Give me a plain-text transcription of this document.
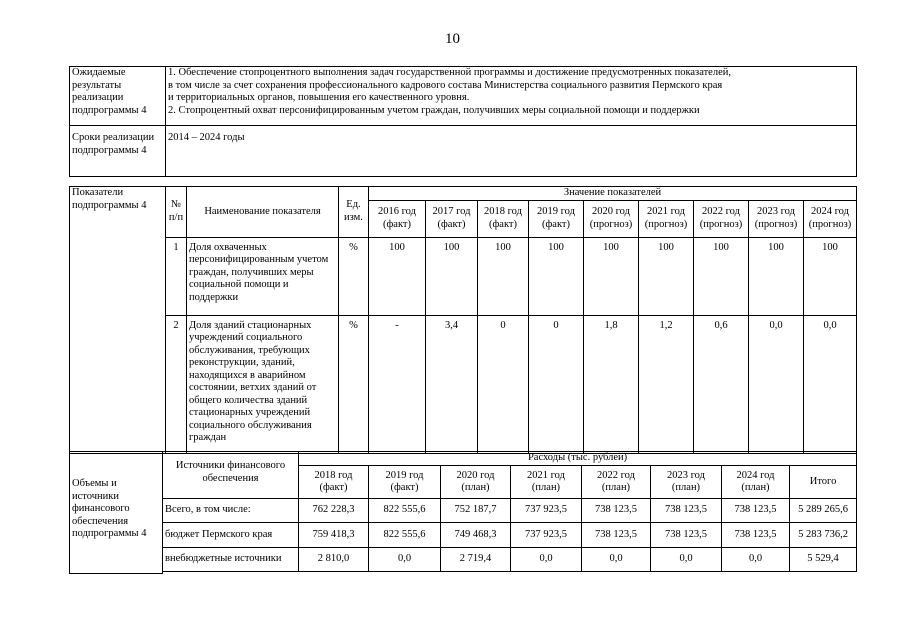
10
Ожидаемые результаты реализации подпрограммы 4	1. Обеспечение стопроцентного выполнения задач государственной программы и достижение предусмотренных показателей,
в том числе за счет сохранения профессионального кадрового состава Министерства социального развития Пермского края
и территориальных органов, повышения его качественного уровня.
2. Стопроцентный охват персонифицированным учетом граждан, получивших меры социальной помощи и поддержки

Сроки реализации подпрограммы 4	2014 – 2024 годы
Показатели подпрограммы 4	№ п/п	Наименование показателя	Ед. изм.	Значение показателей								
				2016 год (факт)	2017 год (факт)	2018 год (факт)	2019 год (факт)	2020 год (прогноз)	2021 год (прогноз)	2022 год (прогноз)	2023 год (прогноз)	2024 год (прогноз)
	1	Доля охваченных персонифицированным учетом граждан, получивших меры социальной помощи и поддержки	%	100	100	100	100	100	100	100	100	100
	2	Доля зданий стационарных учреждений социального обслуживания, требующих реконструкции, зданий, находящихся в аварийном состоянии, ветхих зданий от общего количества зданий стационарных учреждений социального обслуживания граждан	%	-	3,4	0	0	1,8	1,2	0,6	0,0	0,0
Объемы и источники финансового обеспечения подпрограммы 4	Источники финансового обеспечения	Расходы (тыс. рублей)							
		2018 год (факт)	2019 год (факт)	2020 год (план)	2021 год (план)	2022 год (план)	2023 год (план)	2024 год (план)	Итого
	Всего, в том числе:	762 228,3	822 555,6	752 187,7	737 923,5	738 123,5	738 123,5	738 123,5	5 289 265,6
	бюджет Пермского края	759 418,3	822 555,6	749 468,3	737 923,5	738 123,5	738 123,5	738 123,5	5 283 736,2
	внебюджетные источники	2 810,0	0,0	2 719,4	0,0	0,0	0,0	0,0	5 529,4
